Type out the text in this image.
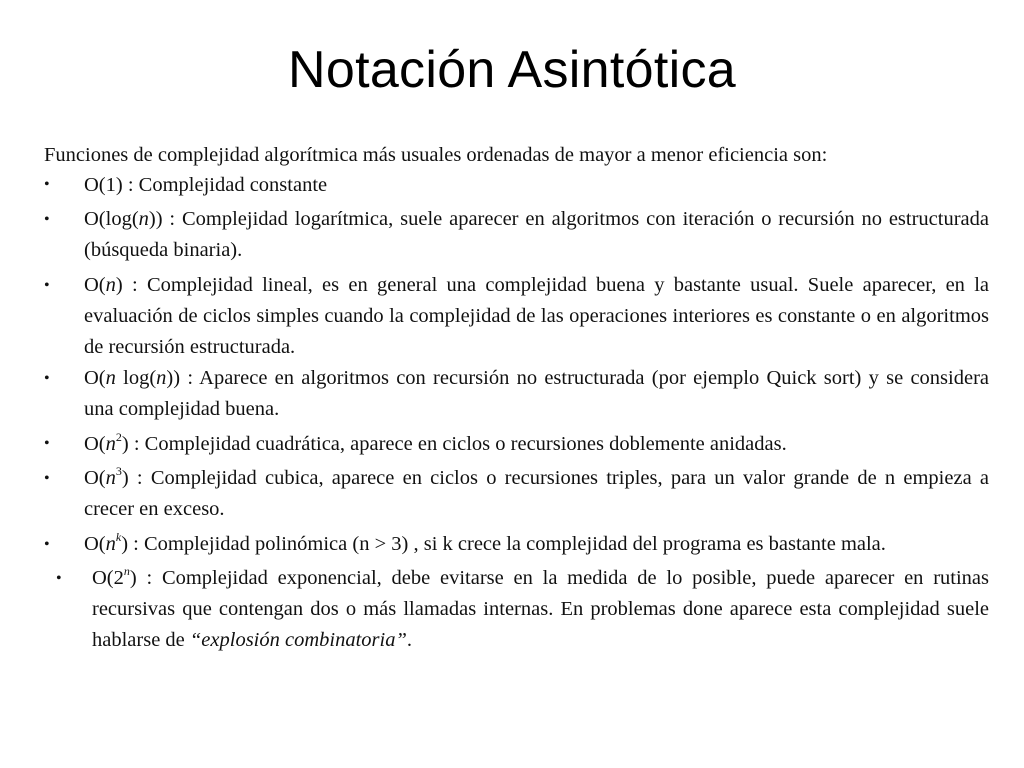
Notación Asintótica

Funciones de complejidad algorítmica más usuales ordenadas de mayor a menor eficiencia son:

• O(1) : Complejidad constante
• O(log(n)) : Complejidad logarítmica, suele aparecer en algoritmos con iteración o recursión no estructurada (búsqueda binaria).
• O(n) : Complejidad lineal, es en general una complejidad buena y bastante usual. Suele aparecer, en la evaluación de ciclos simples cuando la complejidad de las operaciones interiores es constante o en algoritmos de recursión estructurada.
• O(n log(n)) : Aparece en algoritmos con recursión no estructurada (por ejemplo Quick sort) y se considera una complejidad buena.
• $O(n^2)$ : Complejidad cuadrática, aparece en ciclos o recursiones doblemente anidadas.
• $O(n^3)$ : Complejidad cubica, aparece en ciclos o recursiones triples, para un valor grande de n empieza a crecer en exceso.
• $O(n^k)$ : Complejidad polinómica (n > 3) , si k crece la complejidad del programa es bastante mala.
• O(2$^n$) : Complejidad exponencial, debe evitarse en la medida de lo posible, puede aparecer en rutinas recursivas que contengan dos o más llamadas internas. En problemas done aparece esta complejidad suele hablarse de “explosión combinatoria”.
